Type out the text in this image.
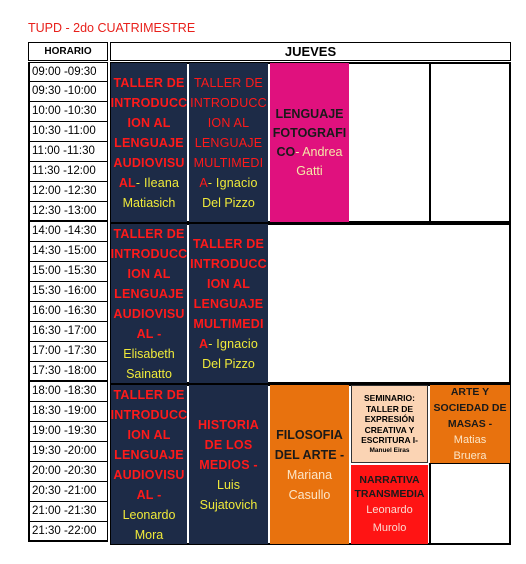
TUPD - 2do CUATRIMESTRE
HORARIO	JUEVES
09:00 -09:30
09:30 -10:00
10:00 -10:30
10:30 -11:00
11:00 -11:30
11:30 -12:00
12:00 -12:30
12:30 -13:00
14:00 -14:30
14:30 -15:00
15:00 -15:30
15:30 -16:00
16:00 -16:30
16:30 -17:00
17:00 -17:30
17:30 -18:00
18:00 -18:30
18:30 -19:00
19:00 -19:30
19:30 -20:00
20:00 -20:30
20:30 -21:00
21:00 -21:30
21:30 -22:00
TALLER DE
INTRODUCC
ION AL
LENGUAJE
AUDIOVISU
AL- Ileana
Matiasich
TALLER DE
INTRODUCC
ION AL
LENGUAJE
MULTIMEDI
A- Ignacio
Del Pizzo
LENGUAJE
FOTOGRAFI
CO- Andrea
Gatti
TALLER DE
INTRODUCC
ION AL
LENGUAJE
AUDIOVISU
AL -
Elisabeth
Sainatto
TALLER DE
INTRODUCC
ION AL
LENGUAJE
MULTIMEDI
A- Ignacio
Del Pizzo
TALLER DE
INTRODUCC
ION AL
LENGUAJE
AUDIOVISU
AL -
Leonardo
Mora
HISTORIA
DE LOS
MEDIOS -
Luis
Sujatovich
FILOSOFIA
DEL ARTE -
Mariana
Casullo
SEMINARIO:
TALLER DE
EXPRESIÓN
CREATIVA Y
ESCRITURA I-
Manuel Eiras
NARRATIVA
TRANSMEDIA
Leonardo
Murolo
ARTE Y
SOCIEDAD DE
MASAS -
Matias
Bruera
